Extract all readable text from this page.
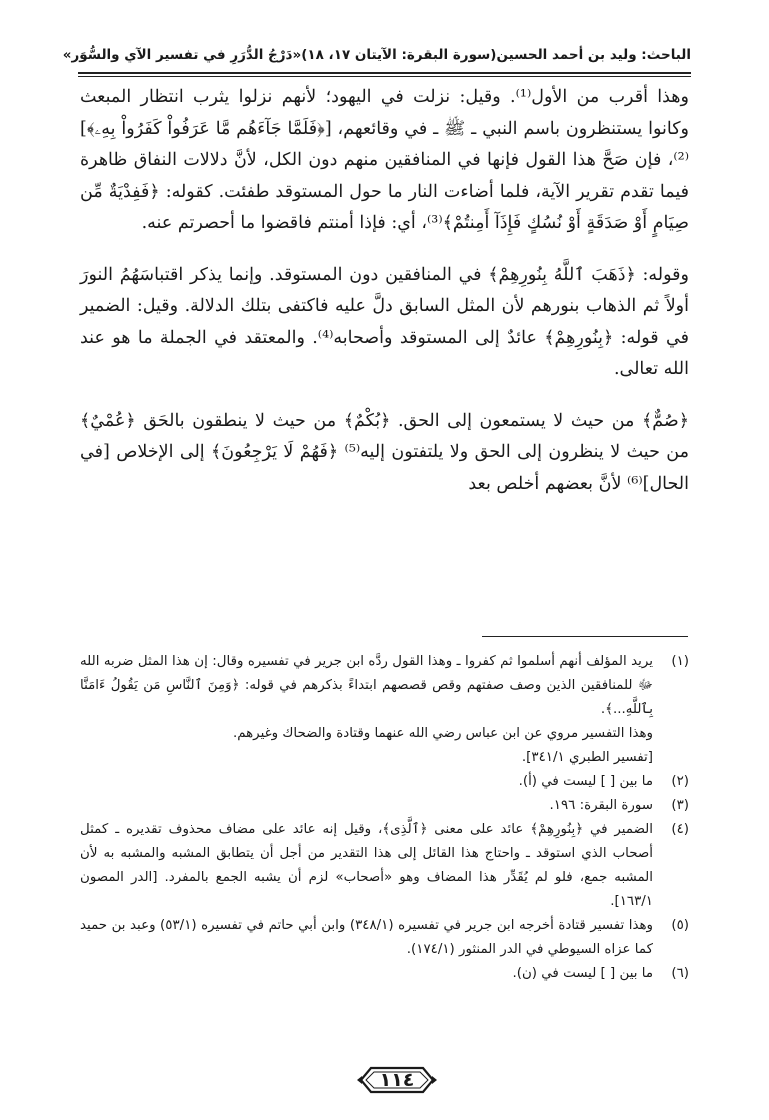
الباحث: وليد بن أحمد الحسين
(سورة البقرة: الآيتان ١٧، ١٨)
«دَرْجُ الدُّرَرِ في تفسير الآي والسُّوَر»

وهذا أقرب من الأول⁽¹⁾. وقيل: نزلت في اليهود؛ لأنهم نزلوا يثرب انتظار المبعث وكانوا يستنظرون باسم النبي ـ ﷺ ـ في وقائعهم، [﴿فَلَمَّا جَآءَهُم مَّا عَرَفُواْ كَفَرُواْ بِهِۦ﴾]⁽²⁾، فإن صَحَّ هذا القول فإنها في المنافقين منهم دون الكل، لأنَّ دلالات النفاق ظاهرة فيما تقدم تقرير الآية، فلما أضاءت النار ما حول المستوقد طفئت. كقوله: ﴿فَفِدْيَةٌ مِّن صِيَامٍ أَوْ صَدَقَةٍ أَوْ نُسُكٍ فَإِذَآ أَمِنتُمْ﴾⁽³⁾، أي: فإذا أمنتم فاقضوا ما أحصرتم عنه.

وقوله: ﴿ذَهَبَ ٱللَّهُ بِنُورِهِمْ﴾ في المنافقين دون المستوقد. وإنما يذكر اقتباسَهُمُ النورَ أولاً ثم الذهاب بنورهم لأن المثل السابق دلَّ عليه فاكتفى بتلك الدلالة. وقيل: الضمير في قوله: ﴿بِنُورِهِمْ﴾ عائدٌ إلى المستوقد وأصحابه⁽⁴⁾. والمعتقد في الجملة ما هو عند الله تعالى.

﴿صُمٌّ﴾ من حيث لا يستمعون إلى الحق. ﴿بُكْمٌ﴾ من حيث لا ينطقون بالحَق ﴿عُمْيٌ﴾ من حيث لا ينظرون إلى الحق ولا يلتفتون إليه⁽⁵⁾ ﴿فَهُمْ لَا يَرْجِعُونَ﴾ إلى الإخلاص [في الحال]⁽⁶⁾ لأنَّ بعضهم أخلص بعد

(١)
يريد المؤلف أنهم أسلموا ثم كفروا ـ وهذا القول ردَّه ابن جرير في تفسيره وقال: إن هذا المثل ضربه الله ﷻ للمنافقين الذين وصف صفتهم وقص قصصهم ابتداءً بذكرهم في قوله: ﴿وَمِنَ ٱلنَّاسِ مَن يَقُولُ ءَامَنَّا بِٱللَّهِ...﴾.
وهذا التفسير مروي عن ابن عباس رضي الله عنهما وقتادة والضحاك وغيرهم.
[تفسير الطبري ٣٤١/١].
(٢)
ما بين [ ] ليست في (أ).
(٣)
سورة البقرة: ١٩٦.
(٤)
الضمير في ﴿بِنُورِهِمْ﴾ عائد على معنى ﴿ٱلَّذِى﴾، وقيل إنه عائد على مضاف محذوف تقديره ـ كمثل أصحاب الذي استوقد ـ واحتاج هذا القائل إلى هذا التقدير من أجل أن يتطابق المشبه والمشبه به لأن المشبه جمع، فلو لم يُقَدِّر هذا المضاف وهو «أصحاب» لزم أن يشبه الجمع بالمفرد. [الدر المصون ١٦٣/١].
(٥)
وهذا تفسير قتادة أخرجه ابن جرير في تفسيره (٣٤٨/١) وابن أبي حاتم في تفسيره (٥٣/١) وعبد بن حميد كما عزاه السيوطي في الدر المنثور (١٧٤/١).
(٦)
ما بين [ ] ليست في (ن).
١١٤
